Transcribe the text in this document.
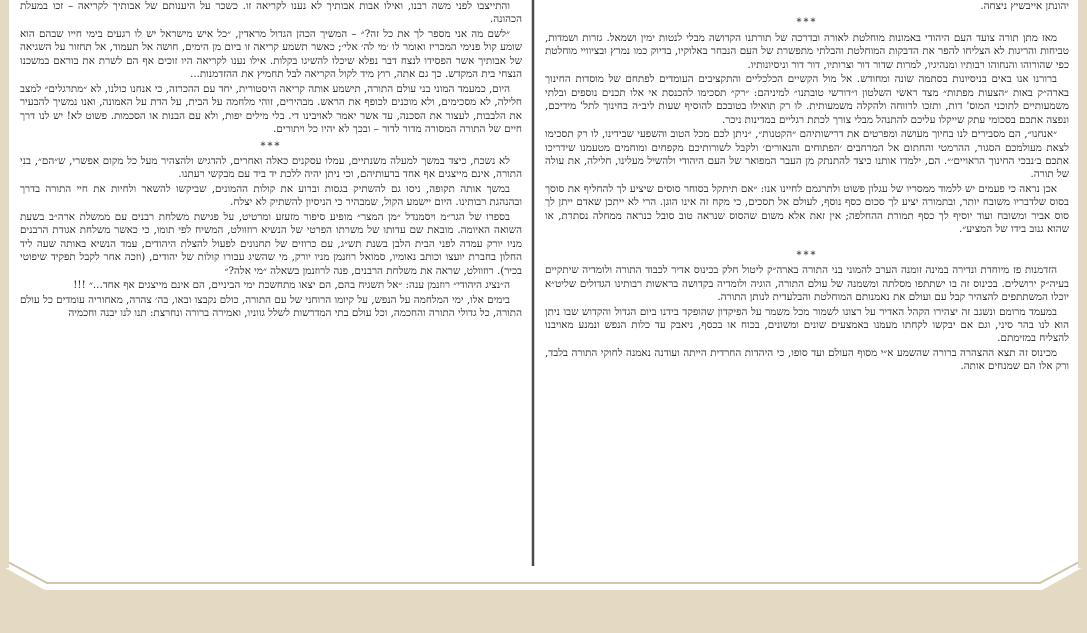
והתייצבו לפני משה רבנו, ואילו אבות אבותיך לא נענו לקריאה זו. כשכר על היענותם של אבותיך לקריאה – זכו במעלת הכהונה.

״לשם מה אני מספר לך את כל זה?״ – המשיך הכהן הגדול מראדין, ״כל איש מישראל יש לו רגעים בימי חייו שבהם הוא שומע קול פנימי המכריז ואומר לו ׳מי לה׳ אלי׳; כאשר תשמע קריאה זו ביום מן הימים, חושה אל תעמוד, אל תחזור על השגיאה של אבותיך אשר הפסידו לנצח דבר נפלא שיכלו להשיגו בקלות. אילו נענו לקריאה היו זוכים אף הם לשרת את בוראם במשכנו הנצחי בית המקדש. כך גם אתה, רוץ מיד לקול הקריאה לבל תחמיץ את ההזדמנות...

היום, כמעמד המוני בני עולם התורה, תישמע אותה קריאה היסטורית, יחד עם ההכרזה, כי אנחנו כולנו, לא ״מתרגלים״ למצב חלילה, לא מסכימים, ולא מוכנים לכופף את הראש. מבהירים, זוהי מלחמה על הבית, על הדת על האמונה, ואנו נמשיך להבעיר את הלבבות, לעצור את הסכנה, עד אשר יאמר לאויבינו די. בלי מילים יפות, ולא עם הבנות או הסכמות. פשוט לא! יש לנו דרך חיים של התורה המסורה מדור לדור – ובכך לא יהיו כל ויתורים.

***

לא נשכח, כיצד במשך למעלה משנתיים, עמלו עסקנים כאלה ואחרים, להדגיש ולהצהיר מעל כל מקום אפשרי, ש״הם״, בני התורה, אינם מייצגים אף אחד בדעותיהם, וכי ניתן יהיה ללכת יד ביד עם מבקשי רעתנו.

במשך אותה תקופה, ניסו גם להשתיק בגסות וברוע את קולות ההמונים, שביקשו להשאר ולחיות את חיי התורה בדרך ובהנהגת רבותינו. היום יישמע הקול, שמבהיר כי הניסיון להשתיק לא יצלח.

בספרו של הגר״מ ויסמנדל ״מן המצר״ מופיע סיפור מזעזע ומרטיט, על פגישת משלחת רבנים עם ממשלת ארה״ב בשעת השואה האיומה. מובאת שם עדותו של משרתו הפרטי של הנשיא רוזוולט, המשיח לפי תומו, כי כאשר משלחת אגודת הרבנים מניו יורק עמדה לפני הבית הלבן בשנת תש״ג, עם כרוזים של תחנונים לפעול להצלת היהודים, עמד הנשיא באותה שעה ליד החלון בחברת יועצו וכותב נאומיו, סמואל רוזנמן מניו יורק, מי שהשיג עבורו קולות של יהודים, (וזכה אחר לקבל תפקיד שיפוטי בכיר). רוזוולט, שראה את משלחת הרבנים, פנה לרוזנמן בשאלה ״מי אלה?״

ה״נציג היהודי״ רוזנמן ענה: ״אל תשגיח בהם, הם יצאו מתחשכת ימי הביניים, הם אינם מייצגים אף אחד...״ !!!

בימים אלו, ימי המלחמה על הנפש, על קיומו הרוחני של עם התורה, כולם נקבצו ובאו, בה׳ צהרה, מאחוריה עומדים כל עולם התורה, כל גדולי התורה והחכמה, וכל עולם בתי המדרשות לשלל גווניו, ואמירה ברורה ונחרצת: תנו לנו יבנה וחכמיה

יהונתן אייבשיץ ניצחה.

***

מאז מתן תורה צועד העם היהודי באמונות מוחלטת לאורה ובדרכה של תורתנו הקדושה מבלי לנטות ימין ושמאל. גזרות ושמדות, טביחות והריגות לא הצליחו להפר את הדבקות המוחלטת והבלתי מתפשרת של העם הנבחר באלוקיו, בדיוק כמו נמרץ ובציוויי מוחלטת כפי שהורוהו והנחוהו רבותיו ומנהיגיו, למרות שדור דור וצרותיו, דור דור וניסיונותיו.

ברורנו אנו באים בניסיונות בסתמה שונה ומחודש. אל מול הקשיים הכלכליים והתקציבים העומדים לפתחם של מוסדות החינוך בארה״ק באות ״הצעות מפתות״ מצד ראשי השלטון ו״דורשי טובתנו״ למיניהם: ״רק״ תסכימו להכנסת אי אלו תכנים נוספים ובלתי משמעותיים לתוכני המוס' דות, ותזכו לרווחה ולהקלה משמעותית. לו רק תואילו בטובכם להוסיף שעות ליב״ה בחינוך לתל' מידיכם, ונפצה אתכם בסכומי עתק שייקלו עליכם להתנהל מבלי צורך לכתת רגליים במדינות ניכר.

״אנחנו״, הם מסבירים לנו בחיוך מעושה ומפרטים את דרישותיהם ״הקטנות״, ״ניתן לכם מכל הטוב והשפעי שבידינו, לו רק תסכימו לצאת מעולמכם הסגור, ההרמטי והחתום אל המרחבים ׳הפתוחים והנאורים׳ ולקבל לשורותיכם מקפחים ומוחמים מטעמנו שידריכו אתכם ב׳נבכי החינוך הראויים׳״. הם, ילמדו אותנו כיצד להתנתק מן העבר המפואר של העם היהודי ולהשיל מעלינו, חלילה, את עולה של תורה.

אכן נראה כי פעמים יש ללמוד ממסריו של עגלון פשוט ולתרגמם לחיינו אנו: ״אם תיתקל בסוחר סוסים שיציע לך להחליף את סוסך בסוס שלדבריו משובח יותר, ובתמורה יציע לך סכום כסף נוסף, לעולם אל תסכים, כי מקח זה אינו הוגן. הרי לא ייתכן שאדם ייתן לך סוס אביר ומשובח ועוד יוסיף לך כסף תמורת ההחלפה; אין זאת אלא משום שהסוס שנראה טוב סובל כנראה ממחלה נסתרת, או שהוא גנוב בידו של המציע״.

***

הזדמנות פז מיוחדת ונדירה במינה זומנה הערב להמוני בני התורה בארה״ק ליטול חלק בכינוס אדיר לכבוד התורה ולומדיה שיתקיים בעיה״ק ירושלים. בכינוס זה בו ישתתפו מסלתה ומשמנה של עולם התורה, הוגיה ולומדיה בקדושה בראשות רבותינו הגדולים שליט״א יוכלו המשתתפים להצהיר קבל עם ועולם את נאמנותם המוחלטת והבלעדית לנותן התורה.

במעמד מרומם ונשגב זה יצהירו הקהל האדיר על רצונו לשמור מכל משמר על הפיקדון שהופקד בידנו ביום הגדול והקדוש שבו ניתן הוא לנו בהר סיני, וגם אם יבקשו לקחתו מעמנו באמצעים שונים ומשונים, בכוח או בכסף, ניאבק עד כלות הנפש ונמנע מאויבנו להצליח במזימתם.

מכינוס זה תצא ההצהרה ברורה שהשמע א״י מסוף העולם ועד סופו, כי היהדות החרדית הייתה ועודנה נאמנה לחוקי התורה בלבד, ורק אלו הם שמנחים אותה.
